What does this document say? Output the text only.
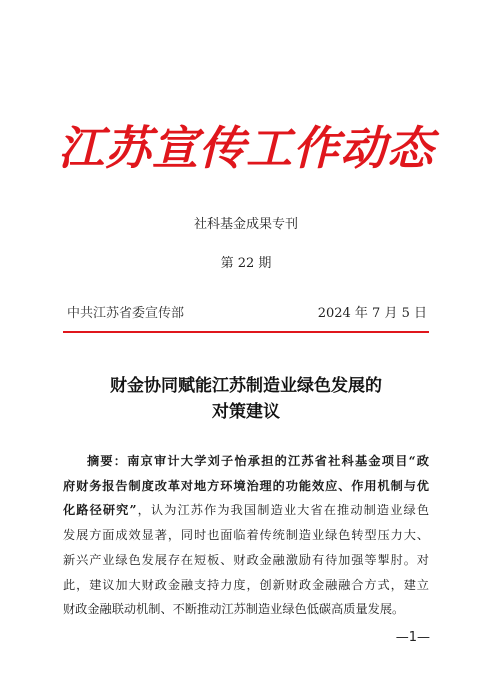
江苏宣传工作动态
社科基金成果专刊
第 22 期
中共江苏省委宣传部	2024 年 7 月 5 日
财金协同赋能江苏制造业绿色发展的
对策建议
摘要：南京审计大学刘子怡承担的江苏省社科基金项目“政
府财务报告制度改革对地方环境治理的功能效应、作用机制与优
化路径研究”，认为江苏作为我国制造业大省在推动制造业绿色
发展方面成效显著，同时也面临着传统制造业绿色转型压力大、
新兴产业绿色发展存在短板、财政金融激励有待加强等掣肘。对
此，建议加大财政金融支持力度，创新财政金融融合方式，建立
财政金融联动机制、不断推动江苏制造业绿色低碳高质量发展。
—1—
